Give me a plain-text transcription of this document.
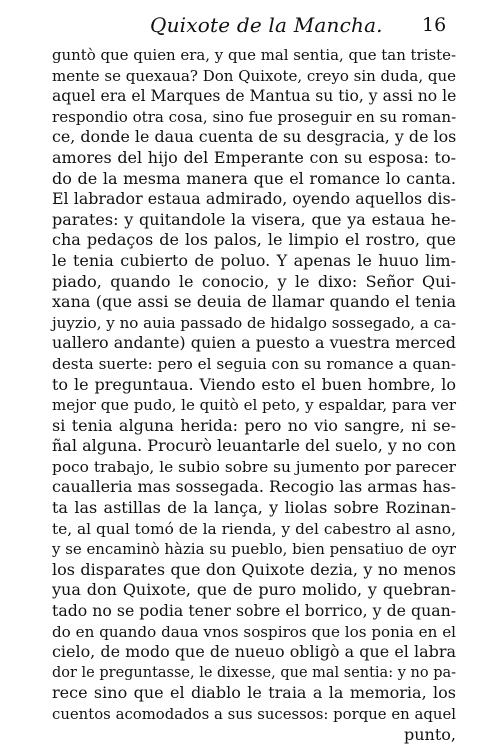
Quixote de la Mancha. 16
guntò que quien era, y que mal sentia, que tan triste-
mente se quexaua? Don Quixote, creyo sin duda, que
aquel era el Marques de Mantua su tio, y assi no le
respondio otra cosa, sino fue proseguir en su roman-
ce, donde le daua cuenta de su desgracia, y de los
amores del hijo del Emperante con su esposa: to-
do de la mesma manera que el romance lo canta.
El labrador estaua admirado, oyendo aquellos dis-
parates: y quitandole la visera, que ya estaua he-
cha pedaços de los palos, le limpio el rostro, que
le tenia cubierto de poluo. Y apenas le huuo lim-
piado, quando le conocio, y le dixo: Señor Qui-
xana (que assi se deuia de llamar quando el tenia
juyzio, y no auia passado de hidalgo sossegado, a ca-
uallero andante) quien a puesto a vuestra merced
desta suerte: pero el seguia con su romance a quan-
to le preguntaua. Viendo esto el buen hombre, lo
mejor que pudo, le quitò el peto, y espaldar, para ver
si tenia alguna herida: pero no vio sangre, ni se-
ñal alguna. Procurò leuantarle del suelo, y no con
poco trabajo, le subio sobre su jumento por parecer
caualleria mas sossegada. Recogio las armas has-
ta las astillas de la lança, y liolas sobre Rozinan-
te, al qual tomó de la rienda, y del cabestro al asno,
y se encaminò hàzia su pueblo, bien pensatiuo de oyr
los disparates que don Quixote dezia, y no menos
yua don Quixote, que de puro molido, y quebran-
tado no se podia tener sobre el borrico, y de quan-
do en quando daua vnos sospiros que los ponia en el
cielo, de modo que de nueuo obligò a que el labra
dor le preguntasse, le dixesse, que mal sentia: y no pa-
rece sino que el diablo le traia a la memoria, los
cuentos acomodados a sus sucessos: porque en aquel
punto,
